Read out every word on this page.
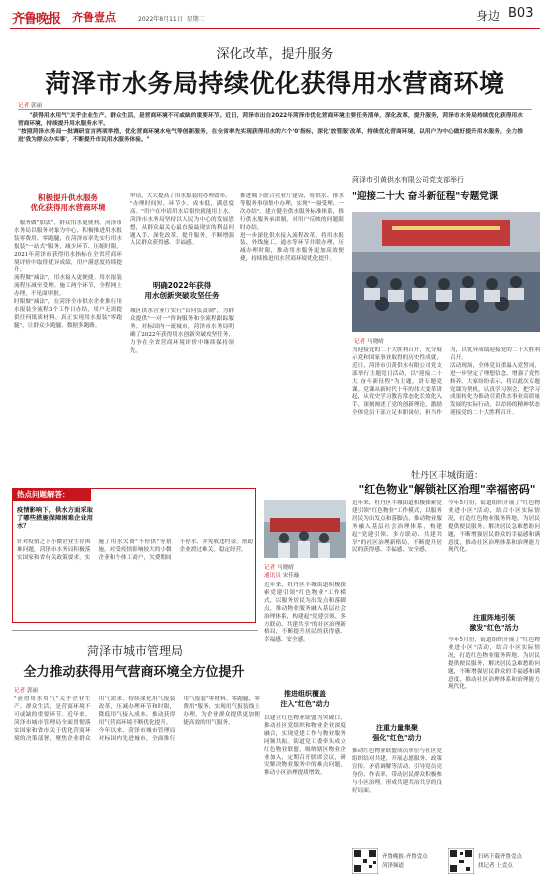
齐鲁晚报 齐鲁壹点	2022年8月11日 星期二	身边 B03
深化改革，提升服务
菏泽市水务局持续优化获得用水营商环境
记者 郭丽
"获得用水用气"关乎企业生产、群众生活，是营商环境不可或缺的重要环节。近日，菏泽市出台2022年菏泽市优化营商环境主要任务清单，深化改革，提升服务，菏泽市水务局持续优化获得用水营商环境，持续提升用水服务水平。
"按照菏泽水务局一批调研宣言两项举措，优化营商环境水电气等创新服务，在全省率先实现获得用水的六个'0'指标，深化'放管服'改革，持续优化营商环境，以用户为中心做好提升用水服务，全力推进'我为群众办实事'，不断提升市民用水服务体验。"
积极提升供水服务
优化获得用水营商环境
服务做"加法"，群众用水更便利。菏泽市水务局以服务对象为中心，积极推进用水报装零费用、零跑腿，在菏泽市率先实行用水报装"一站式"服务，减少环节、压缩时限。2021年菏泽市获得用水指标在全省营商环境评价中取得优异成绩，用户满意度持续提升。
流程做"减法"，用水接入更便捷。用水报装流程压减至受理、施工两个环节，全程网上办理，不见面审批。
时限做"减法"，在菏泽全市供水企业推行用水报装全流程3个工作日办结，用户无需提供任何纸质材料，真正实现用水报装"零跑腿"，让群众少跑腿、数据多跑路。
申请，大大提高了用水报装的办理效率。
"办理时间短、环节少、成本低，满意度高。"用户在申请用水后很快就能用上水。菏泽市水务局坚持以人民为中心的发展思想，从群众最关心最直接最现实的利益问题入手，深化改革，提升服务，不断增强人民群众获得感、幸福感。
明确2022年获得
用水创新突破攻坚任务
城区供水营业厅实行"首问负责制"，为群众提供"一对一"咨询服务和全流程跟踪服务。对标国内一流城市，菏泽市水务局明确了2022年获得用水创新突破攻坚任务，力争在全省营商环境评价中继续保持领先。
推进城下联合营业厅建设，将供水、排水等服务事项集中办理，实现"一窗受理、一次办结"。建立健全供水服务标准体系，推行供水服务承诺制，对用户反映的问题限时办结。
进一步深化供水接入流程改革，将用水报装、外线施工、通水等环节并联办理，压减办理时限，推动用水服务更加高效便捷，持续推进用水营商环境优化提升。
菏泽市引黄供水有限公司党支部举行
"迎接二十大 奋斗新征程"专题党课
记者 马晓晴
为迎接党的二十大胜利召开，充分展示党和国家事业取得的历史性成就，近日，菏泽市引黄供水有限公司党支部举行主题党日活动，以"迎接二十大 奋斗新征程"为主题，讲专题党课。党课从新时代十年的伟大变革讲起，从党史学习教育常态化长效化入手，深刻阐述了党的创新理论，激励全体党员干部立足本职岗位，担当作为，以优异成绩迎接党的二十大胜利召开。
活动现场，全体党员重温入党誓词，进一步坚定了理想信念，增强了党性修养。大家纷纷表示，将以此次专题党课为契机，认真学习领会，把学习成果转化为推动引黄供水事业高质量发展的实际行动，以昂扬的精神状态迎接党的二十大胜利召开。
牡丹区丰城街道：
"红色物业"解锁社区治理"幸福密码"
记者 马晓晴
通讯员 宋佳璇
近年来，牡丹区丰城街道积极探索党建引领"红色物业"工作模式，以服务居民为出发点和落脚点，推动物业服务融入基层社会治理体系，构建起"党建引领、多方联动、共建共享"的社区治理新格局，不断提升居民的获得感、幸福感、安全感。
推进组织覆盖
注入"红色"动力
以建立红色物业联盟为突破口，推动社区党组织和物业企业深度融合，实现党建工作与物业服务同频共振。街道党工委牵头成立红色物业联盟，吸纳辖区物业企业加入，定期召开联席会议，研究解决物业服务中的难点问题，推动小区治理提质增效。
近年来，牡丹区丰城街道积极探索党建引领"红色物业"工作模式，以服务居民为出发点和落脚点，推动物业服务融入基层社会治理体系，构建起"党建引领、多方联动、共建共享"的社区治理新格局，不断提升居民的获得感、幸福感、安全感。
今年5月份，街道组织开展了"红色物业进小区"活动，结合小区实际情况，打造红色物业服务阵地，为居民提供便民服务，解决居民急难愁盼问题，不断增强居民群众的幸福感和满意度，推动社区治理体系和治理能力现代化。
注重力量集聚
强化"红色"动力
推动红色物业联盟成员单位与社区党组织结对共建，开展志愿服务、政策宣传、矛盾调解等活动，引导党员亮身份、作表率，带动居民群众积极参与小区治理，形成共建共治共享的良好局面。
注重阵地引领
激发"红色"活力
今年5月份，街道组织开展了"红色物业进小区"活动，结合小区实际情况，打造红色物业服务阵地，为居民提供便民服务，解决居民急难愁盼问题，不断增强居民群众的幸福感和满意度，推动社区治理体系和治理能力现代化。
热点问题解答：
疫情影响下，供水方面采取了哪些措施保障困难企业用水？
针对疫情之下小微企业生存困难问题，菏泽市水务局积极落实国家和省有关政策要求，实施了用水欠费"不停供"等措施，对受疫情影响较大的小微企业和个体工商户，欠费期间不停水，并免收违约金，帮助企业渡过难关，稳定经营。
菏泽市城市管理局
全力推动获得用气营商环境全方位提升
记者 郭丽
"获得用水用气"关乎企业生产、群众生活，是营商环境不可或缺的重要环节。近年来，菏泽市城市管理局全面贯彻落实国家和省市关于优化营商环境的决策部署，聚焦企业群众用气需求，持续深化用气报装改革，压减办理环节和时限，降低用气接入成本，推动获得用气营商环境不断优化提升。
今年以来，菏泽市城市管理局对标国内先进城市，全面推行用气报装"零材料、零跑腿、零费用"服务，实现用气报装线上办理，为企业群众提供更加便捷高效的用气服务。
齐鲁晚报·齐鲁壹点
菏泽频道
扫码下载齐鲁壹点
找记者 上壹点
